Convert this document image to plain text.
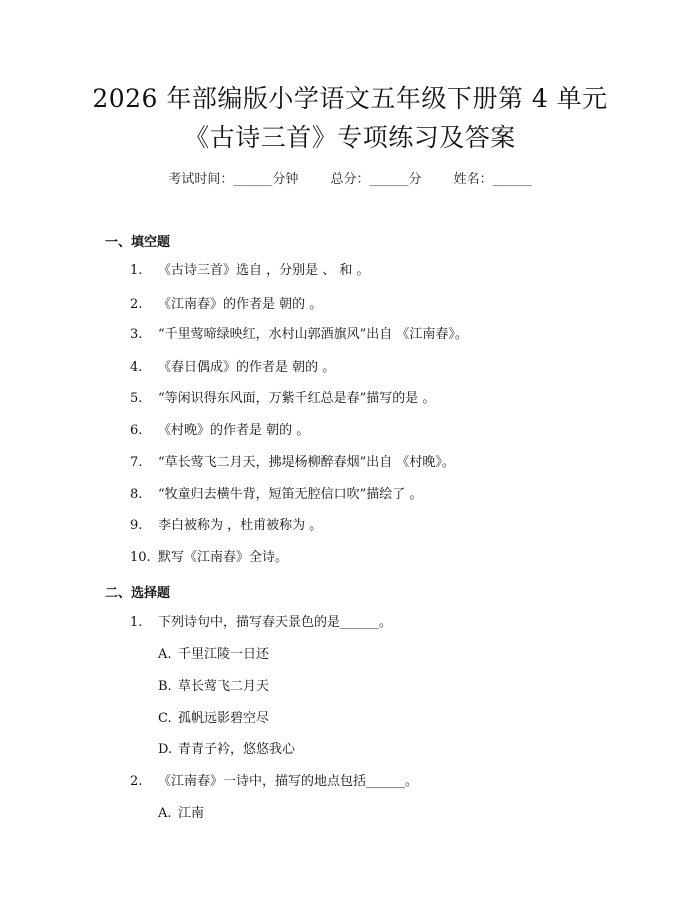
2026 年部编版小学语文五年级下册第 4 单元
《古诗三首》专项练习及答案
考试时间：______分钟 总分：______分 姓名：______
一、填空题
1. 《古诗三首》选自 ，分别是 、 和 。
2. 《江南春》的作者是 朝的 。
3. “千里莺啼绿映红，水村山郭酒旗风”出自 《江南春》。
4. 《春日偶成》的作者是 朝的 。
5. “等闲识得东风面，万紫千红总是春”描写的是 。
6. 《村晚》的作者是 朝的 。
7. “草长莺飞二月天，拂堤杨柳醉春烟”出自 《村晚》。
8. “牧童归去横牛背，短笛无腔信口吹”描绘了 。
9. 李白被称为 ，杜甫被称为 。
10. 默写《江南春》全诗。
二、选择题
1. 下列诗句中，描写春天景色的是______。
A. 千里江陵一日还
B. 草长莺飞二月天
C. 孤帆远影碧空尽
D. 青青子衿，悠悠我心
2. 《江南春》一诗中，描写的地点包括______。
A. 江南
